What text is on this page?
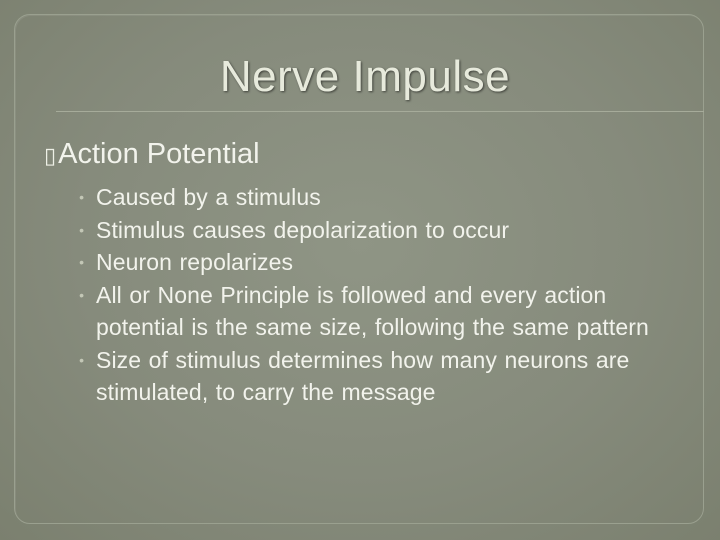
Nerve Impulse
▯ Action Potential
• Caused by a stimulus
• Stimulus causes depolarization to occur
• Neuron repolarizes
• All or None Principle is followed and every action potential is the same size, following the same pattern
• Size of stimulus determines how many neurons are stimulated, to carry the message
